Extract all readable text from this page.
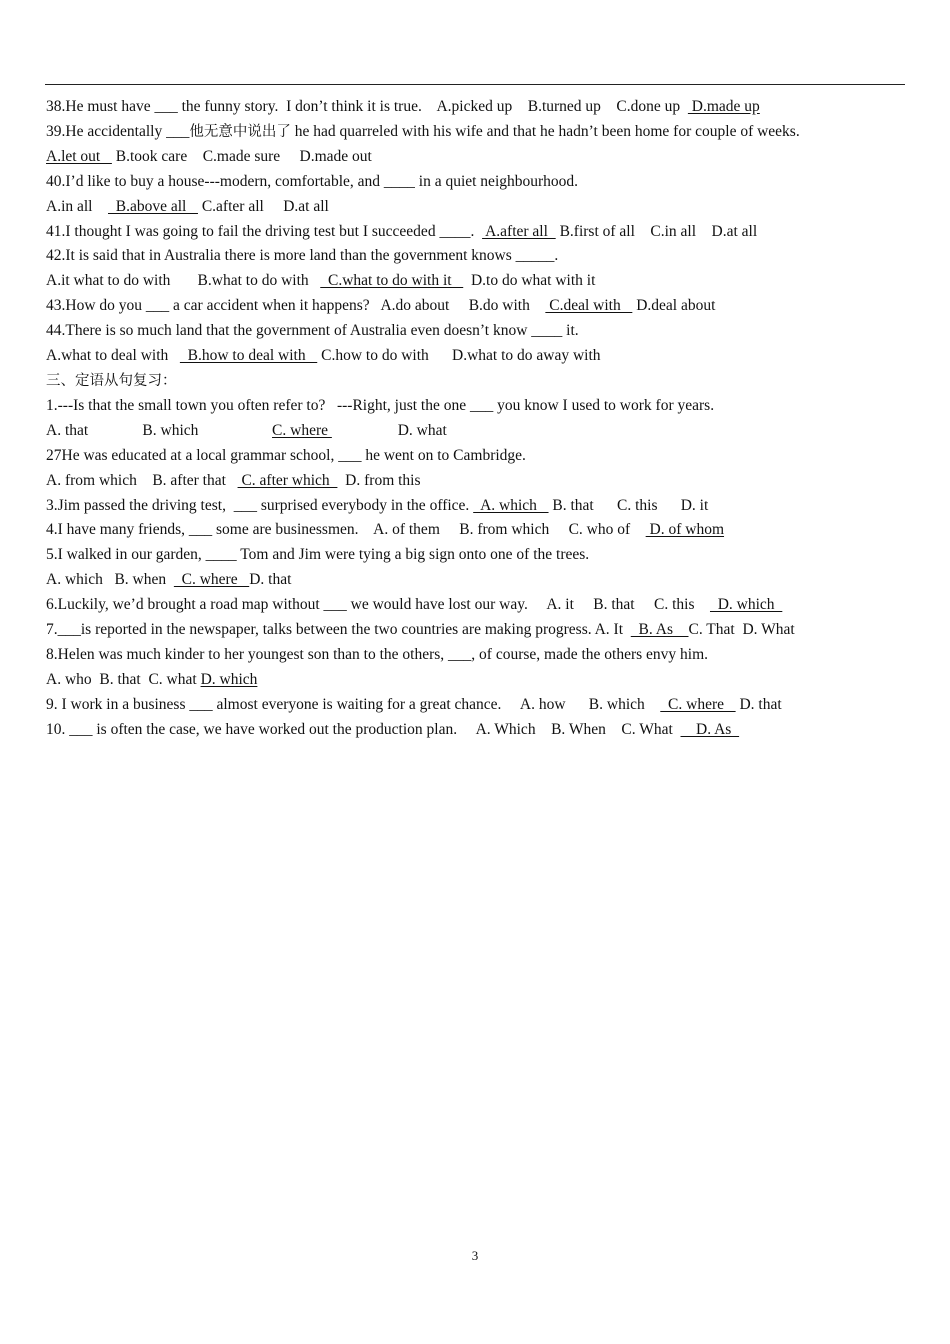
38.He must have ___ the funny story.  I don’t think it is true.    A.picked up    B.turned up    C.done up   D.made up
39.He accidentally ___他无意中说出了 he had quarreled with his wife and that he hadn’t been home for couple of weeks.
A.let out    B.took care    C.made sure     D.made out
40.I’d like to buy a house---modern, comfortable, and ____ in a quiet neighbourhood.
A.in all      B.above all    C.after all     D.at all
41.I thought I was going to fail the driving test but I succeeded ____.   A.after all   B.first of all    C.in all    D.at all
42.It is said that in Australia there is more land than the government knows _____.
A.it what to do with       B.what to do with     C.what to do with it     D.to do what with it
43.How do you ___ a car accident when it happens?   A.do about     B.do with     C.deal with    D.deal about
44.There is so much land that the government of Australia even doesn’t know ____ it.
A.what to deal with     B.how to deal with    C.how to do with      D.what to do away with
三、定语从句复习：
1.---Is that the small town you often refer to?   ---Right, just the one ___ you know I used to work for years.
A. that              B. which                   C. where                  D. what
27He was educated at a local grammar school, ___ he went on to Cambridge.
A. from which    B. after that    C. after which    D. from this
3.Jim passed the driving test,  ___ surprised everybody in the office.   A. which    B. that      C. this      D. it
4.I have many friends, ___ some are businessmen.    A. of them     B. from which     C. who of     D. of whom
5.I walked in our garden, ____ Tom and Jim were tying a big sign onto one of the trees.
A. which   B. when    C. where   D. that
6.Luckily, we’d brought a road map without ___ we would have lost our way.     A. it     B. that     C. this      D. which
7.___is reported in the newspaper, talks between the two countries are making progress. A. It    B. As    C. That  D. What
8.Helen was much kinder to her youngest son than to the others, ___, of course, made the others envy him.
A. who  B. that  C. what D. which
9. I work in a business ___ almost everyone is waiting for a great chance.     A. how      B. which      C. where    D. that
10. ___ is often the case, we have worked out the production plan.     A. Which    B. When    C. What      D. As
3
